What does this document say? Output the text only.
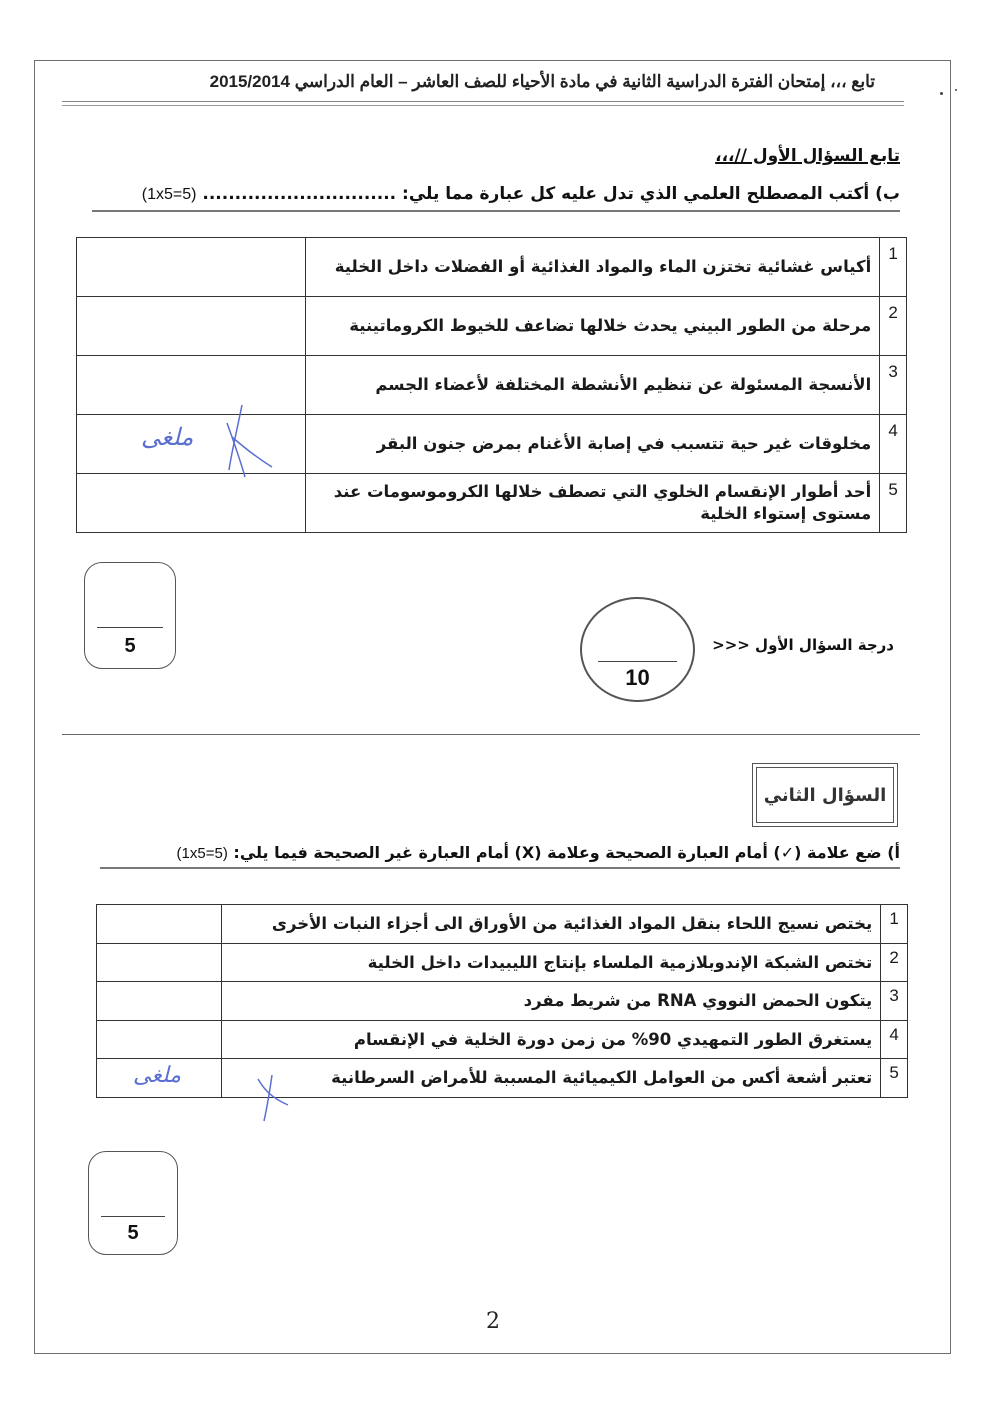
تابع ،،، إمتحان الفترة الدراسية الثانية في مادة الأحياء للصف العاشر – العام الدراسي 2015/2014
تابع السؤال الأول //،،،
ب) أكتب المصطلح العلمي الذي تدل عليه كل عبارة مما يلي: .............................. (5=1x5)
1	أكياس غشائية تختزن الماء والمواد الغذائية أو الفضلات داخل الخلية	
2	مرحلة من الطور البيني يحدث خلالها تضاعف للخيوط الكروماتينية	
3	الأنسجة المسئولة عن تنظيم الأنشطة المختلفة لأعضاء الجسم	
4	مخلوقات غير حية تتسبب في إصابة الأغنام بمرض جنون البقر	ملغى

5	أحد أطوار الإنقسام الخلوي التي تصطف خلالها الكروموسومات عند مستوى إستواء الخلية	
5
10
درجة السؤال الأول <<<
السؤال الثاني
أ) ضع علامة (✓) أمام العبارة الصحيحة وعلامة (X) أمام العبارة غير الصحيحة فيما يلي: (5=1x5)
1	يختص نسيج اللحاء بنقل المواد الغذائية من الأوراق الى أجزاء النبات الأخرى	
2	تختص الشبكة الإندوبلازمية الملساء بإنتاج الليبيدات داخل الخلية	
3	يتكون الحمض النووي RNA من شريط مفرد	
4	يستغرق الطور التمهيدي 90% من زمن دورة الخلية في الإنقسام	
5	تعتبر أشعة أكس من العوامل الكيميائية المسببة للأمراض السرطانية	ملغى
5
2
